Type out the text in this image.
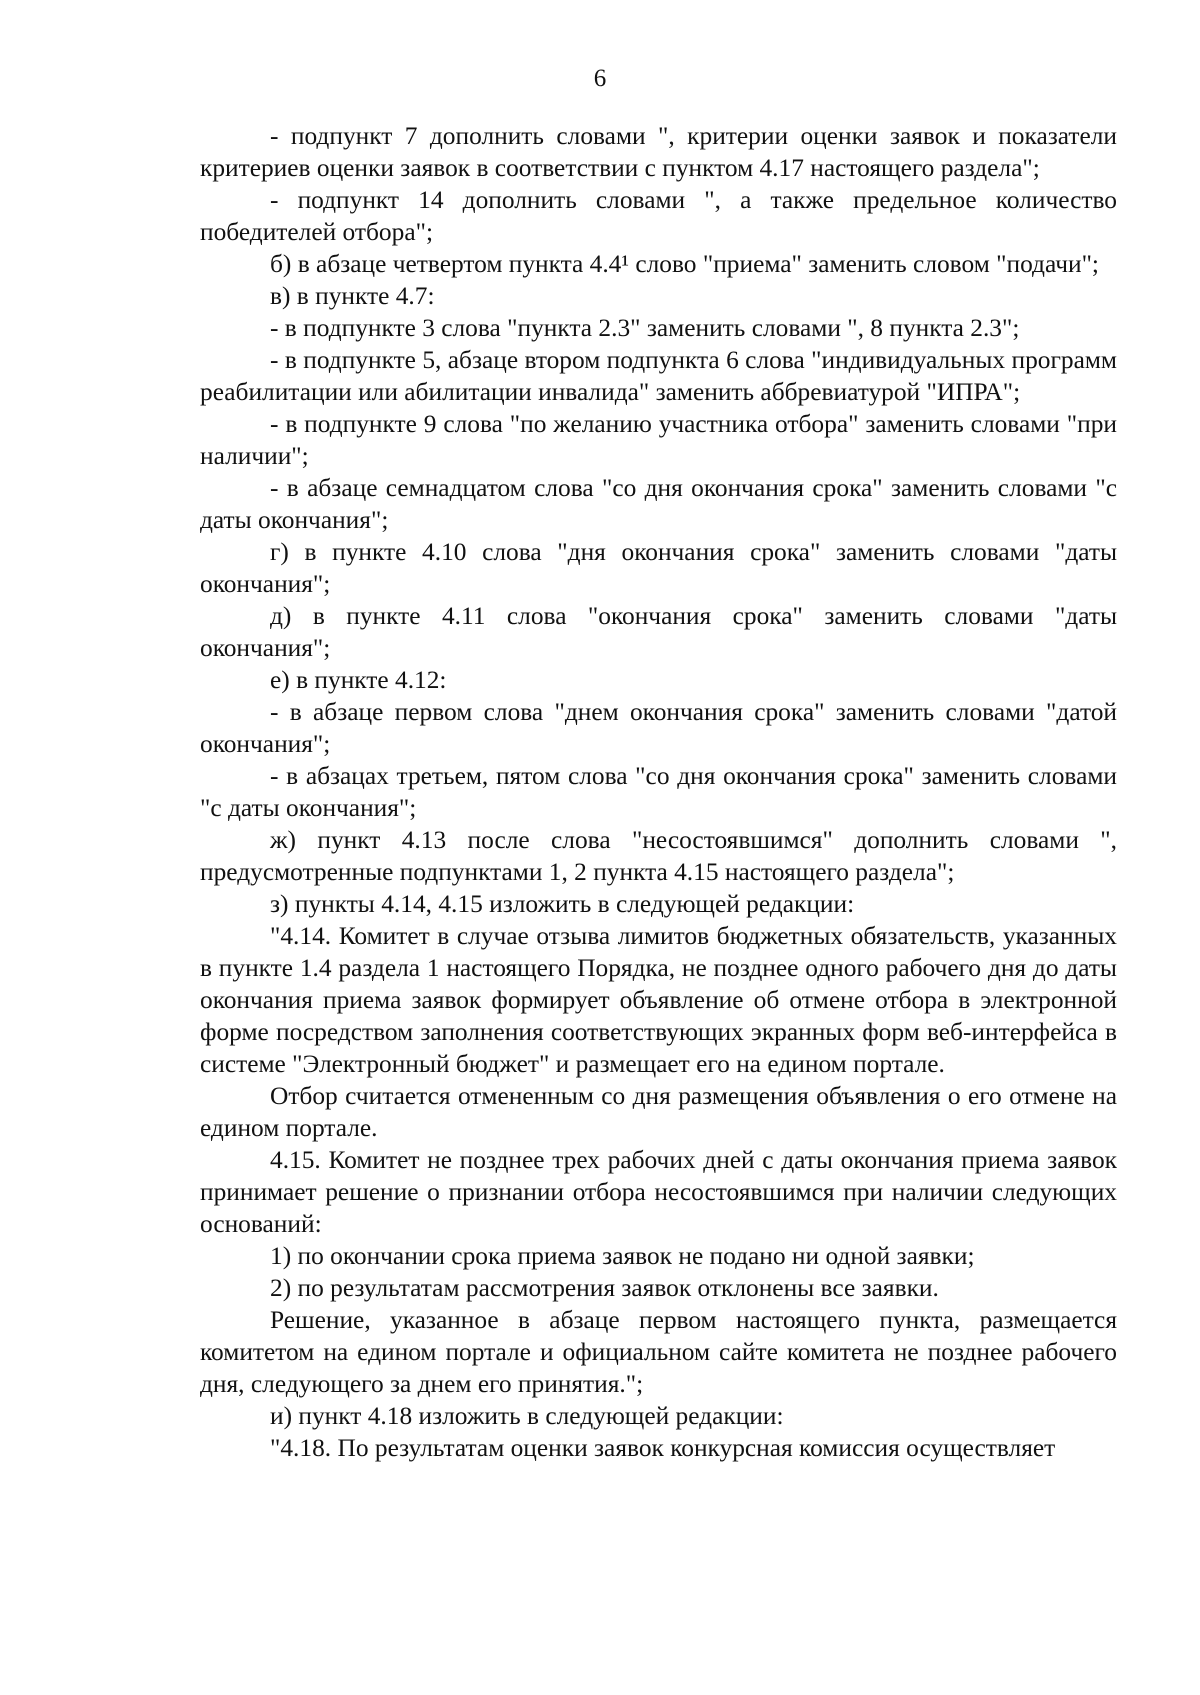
6

- подпункт 7 дополнить словами ", критерии оценки заявок и показатели критериев оценки заявок в соответствии с пунктом 4.17 настоящего раздела";

- подпункт 14 дополнить словами ", а также предельное количество победителей отбора";

б) в абзаце четвертом пункта 4.4¹ слово "приема" заменить словом "подачи";

в) в пункте 4.7:

- в подпункте 3 слова "пункта 2.3" заменить словами ", 8 пункта 2.3";

- в подпункте 5, абзаце втором подпункта 6 слова "индивидуальных программ реабилитации или абилитации инвалида" заменить аббревиатурой "ИПРА";

- в подпункте 9 слова "по желанию участника отбора" заменить словами "при наличии";

- в абзаце семнадцатом слова "со дня окончания срока" заменить словами "с даты окончания";

г) в пункте 4.10 слова "дня окончания срока" заменить словами "даты окончания";

д) в пункте 4.11 слова "окончания срока" заменить словами "даты окончания";

е) в пункте 4.12:

- в абзаце первом слова "днем окончания срока" заменить словами "датой окончания";

- в абзацах третьем, пятом слова "со дня окончания срока" заменить словами "с даты окончания";

ж) пункт 4.13 после слова "несостоявшимся" дополнить словами ", предусмотренные подпунктами 1, 2 пункта 4.15 настоящего раздела";

з) пункты 4.14, 4.15 изложить в следующей редакции:

"4.14. Комитет в случае отзыва лимитов бюджетных обязательств, указанных в пункте 1.4 раздела 1 настоящего Порядка, не позднее одного рабочего дня до даты окончания приема заявок формирует объявление об отмене отбора в электронной форме посредством заполнения соответствующих экранных форм веб-интерфейса в системе "Электронный бюджет" и размещает его на едином портале.

Отбор считается отмененным со дня размещения объявления о его отмене на едином портале.

4.15. Комитет не позднее трех рабочих дней с даты окончания приема заявок принимает решение о признании отбора несостоявшимся при наличии следующих оснований:

1) по окончании срока приема заявок не подано ни одной заявки;

2) по результатам рассмотрения заявок отклонены все заявки.

Решение, указанное в абзаце первом настоящего пункта, размещается комитетом на едином портале и официальном сайте комитета не позднее рабочего дня, следующего за днем его принятия.";

и) пункт 4.18 изложить в следующей редакции:

"4.18. По результатам оценки заявок конкурсная комиссия осуществляет
